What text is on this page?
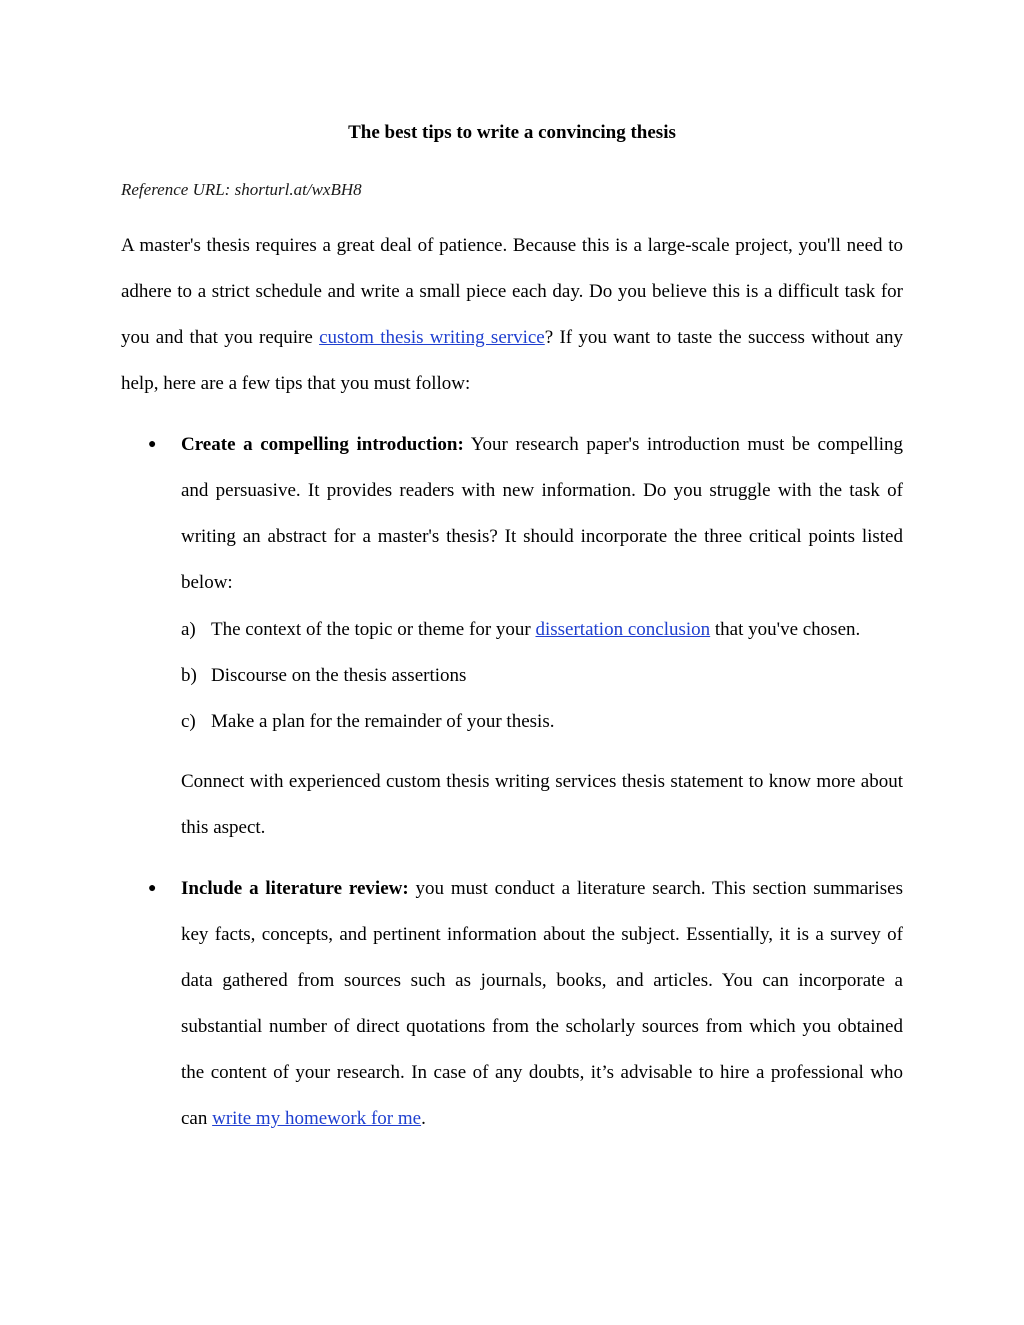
The best tips to write a convincing thesis

Reference URL: shorturl.at/wxBH8

A master's thesis requires a great deal of patience. Because this is a large-scale project, you'll need to adhere to a strict schedule and write a small piece each day. Do you believe this is a difficult task for you and that you require custom thesis writing service? If you want to taste the success without any help, here are a few tips that you must follow:

● Create a compelling introduction: Your research paper's introduction must be compelling and persuasive. It provides readers with new information. Do you struggle with the task of writing an abstract for a master's thesis? It should incorporate the three critical points listed below:

a) The context of the topic or theme for your dissertation conclusion that you've chosen.

b) Discourse on the thesis assertions

c) Make a plan for the remainder of your thesis.

Connect with experienced custom thesis writing services thesis statement to know more about this aspect.

● Include a literature review: you must conduct a literature search. This section summarises key facts, concepts, and pertinent information about the subject. Essentially, it is a survey of data gathered from sources such as journals, books, and articles. You can incorporate a substantial number of direct quotations from the scholarly sources from which you obtained the content of your research. In case of any doubts, it’s advisable to hire a professional who can write my homework for me.
